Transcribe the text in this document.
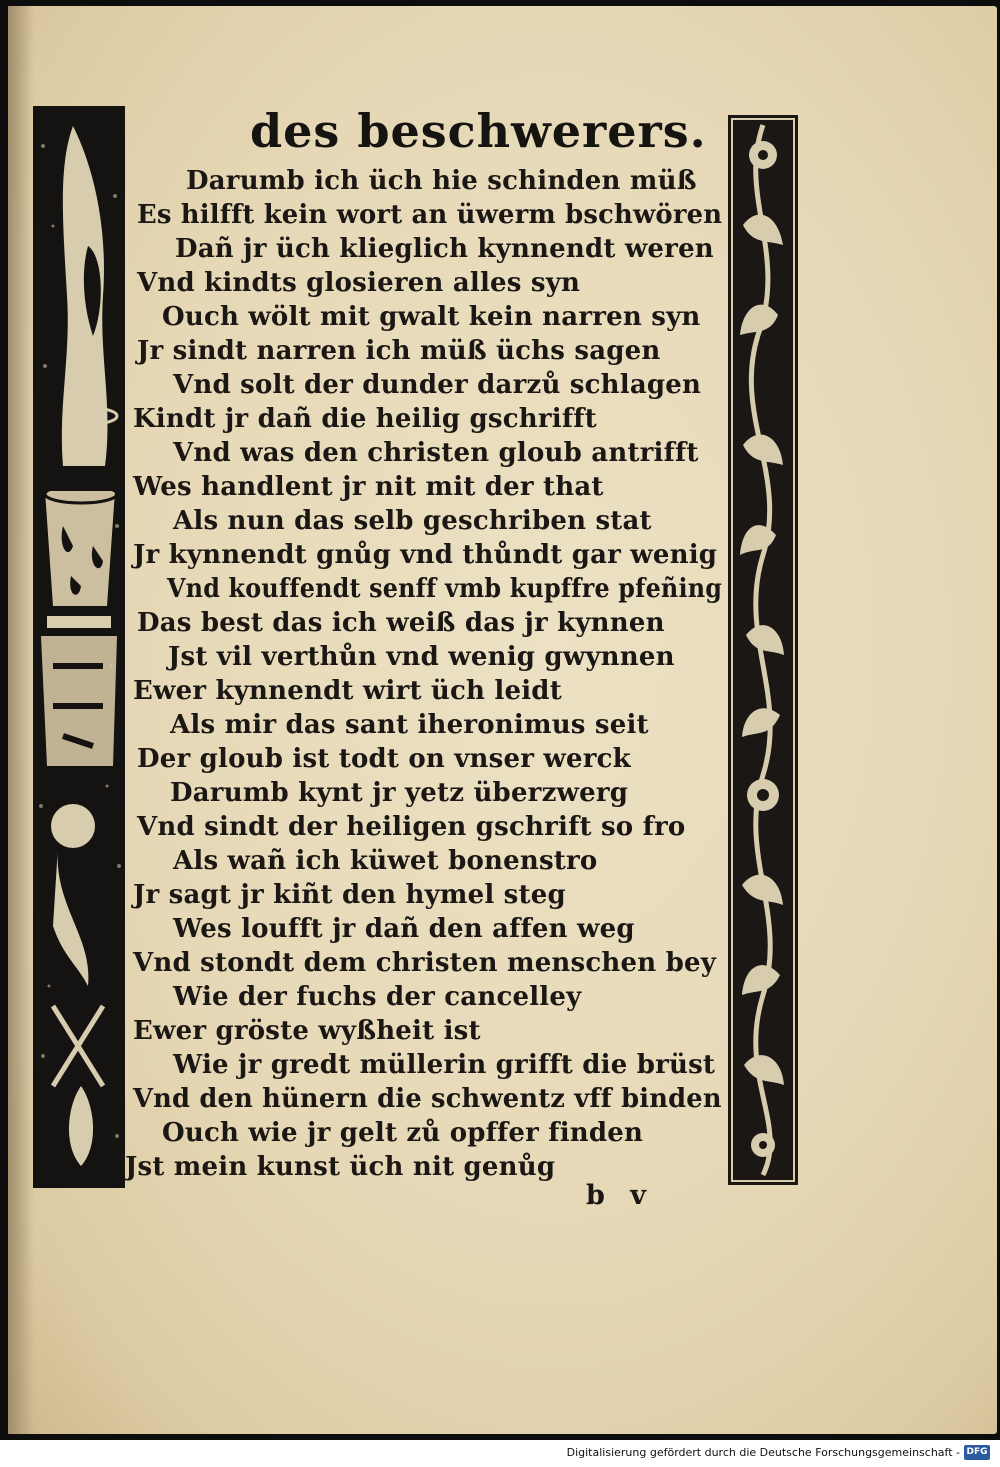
des beschwerers.
Darumb ich üch hie schinden müß
Es hilfft kein wort an üwerm bschwören
Dañ jr üch klieglich kynnendt weren
Vnd kindts glosieren alles syn
Ouch wölt mit gwalt kein narren syn
Jr sindt narren ich müß üchs sagen
Vnd solt der dunder darzů schlagen
Kindt jr dañ die heilig gschrifft
Vnd was den christen gloub antrifft
Wes handlent jr nit mit der that
Als nun das selb geschriben stat
Jr kynnendt gnůg vnd thůndt gar wenig
Vnd kouffendt senff vmb kupffre pfeñing
Das best das ich weiß das jr kynnen
Jst vil verthůn vnd wenig gwynnen
Ewer kynnendt wirt üch leidt
Als mir das sant iheronimus seit
Der gloub ist todt on vnser werck
Darumb kynt jr yetz überzwerg
Vnd sindt der heiligen gschrift so fro
Als wañ ich küwet bonenstro
Jr sagt jr kiñt den hymel steg
Wes loufft jr dañ den affen weg
Vnd stondt dem christen menschen bey
Wie der fuchs der cancelley
Ewer gröste wyßheit ist
Wie jr gredt müllerin grifft die brüst
Vnd den hünern die schwentz vff binden
Ouch wie jr gelt zů opffer finden
Jst mein kunst üch nit genůg
b v
Digitalisierung gefördert durch die Deutsche Forschungsgemeinschaft - DFG
